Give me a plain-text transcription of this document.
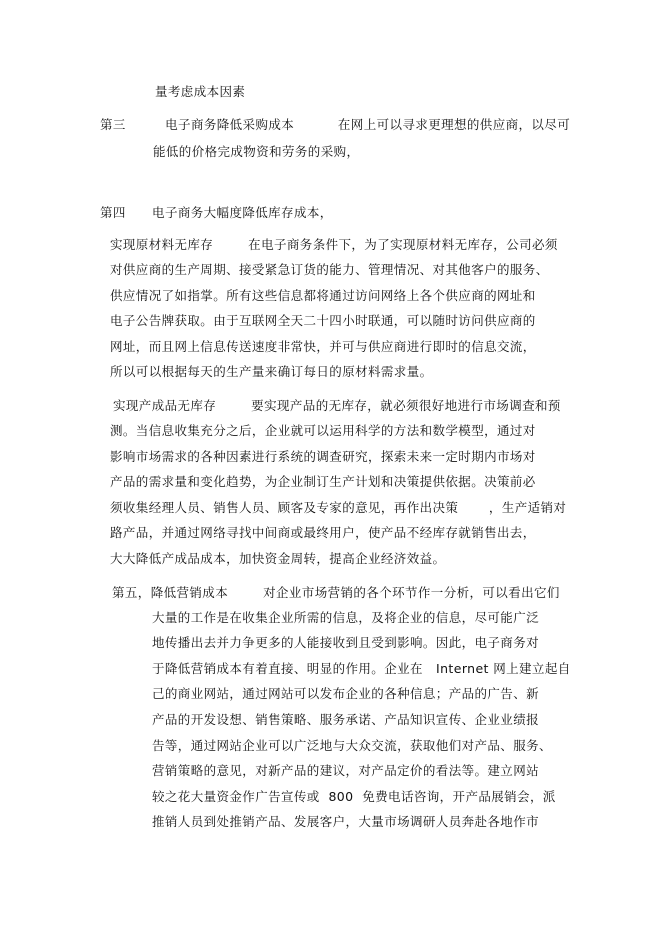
量考虑成本因素
第三         电子商务降低采购成本          在网上可以寻求更理想的供应商，以尽可
能低的价格完成物资和劳务的采购，
第四      电子商务大幅度降低库存成本，
实现原材料无库存        在电子商务条件下，为了实现原材料无库存，公司必须
对供应商的生产周期、接受紧急订货的能力、管理情况、对其他客户的服务、
供应情况了如指掌。所有这些信息都将通过访问网络上各个供应商的网址和
电子公告牌获取。由于互联网全天二十四小时联通，可以随时访问供应商的
网址，而且网上信息传送速度非常快，并可与供应商进行即时的信息交流，
所以可以根据每天的生产量来确订每日的原材料需求量。
实现产成品无库存        要实现产品的无库存，就必须很好地进行市场调查和预
测。当信息收集充分之后，企业就可以运用科学的方法和数学模型，通过对
影响市场需求的各种因素进行系统的调查研究，探索未来一定时期内市场对
产品的需求量和变化趋势，为企业制订生产计划和决策提供依据。决策前必
须收集经理人员、销售人员、顾客及专家的意见，再作出决策       ，生产适销对
路产品，并通过网络寻找中间商或最终用户，使产品不经库存就销售出去，
大大降低产成品成本，加快资金周转，提高企业经济效益。
第五，降低营销成本        对企业市场营销的各个环节作一分析，可以看出它们
大量的工作是在收集企业所需的信息，及将企业的信息，尽可能广泛
地传播出去并力争更多的人能接收到且受到影响。因此，电子商务对
于降低营销成本有着直接、明显的作用。企业在   Internet 网上建立起自
己的商业网站，通过网站可以发布企业的各种信息；产品的广告、新
产品的开发设想、销售策略、服务承诺、产品知识宣传、企业业绩报
告等，通过网站企业可以广泛地与大众交流，获取他们对产品、服务、
营销策略的意见，对新产品的建议，对产品定价的看法等。建立网站
较之花大量资金作广告宣传或  800  免费电话咨询，开产品展销会，派
推销人员到处推销产品、发展客户，大量市场调研人员奔赴各地作市
